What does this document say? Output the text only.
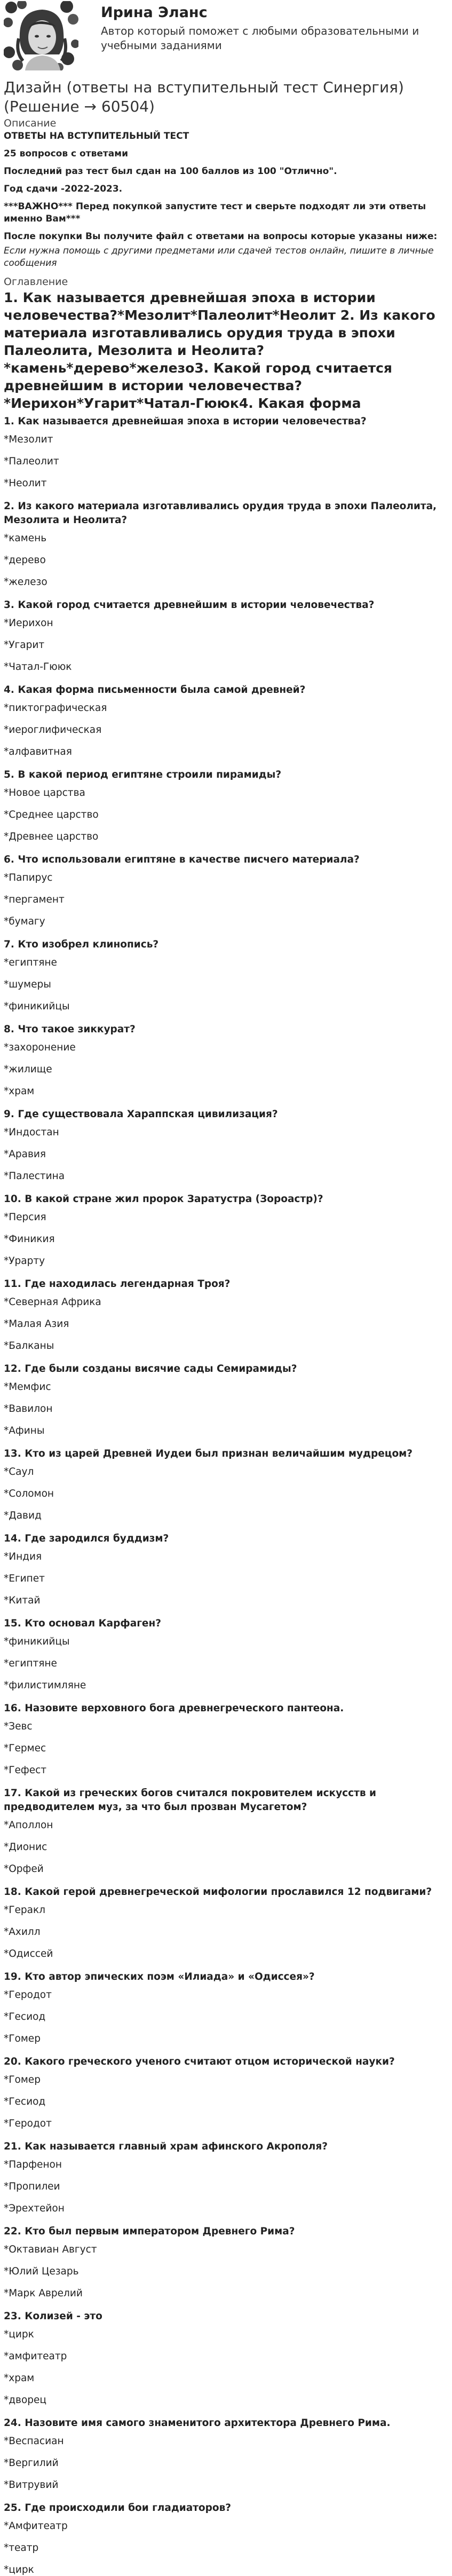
Ирина Эланс
Автор который поможет с любыми образовательными и учебными заданиями
Дизайн (ответы на вступительный тест Синергия) (Решение → 60504)
Описание

ОТВЕТЫ НА ВСТУПИТЕЛЬНЫЙ ТЕСТ

25 вопросов с ответами

Последний раз тест был сдан на 100 баллов из 100 "Отлично".

Год сдачи -2022-2023.

***ВАЖНО*** Перед покупкой запустите тест и сверьте подходят ли эти ответы именно Вам***

После покупки Вы получите файл с ответами на вопросы которые указаны ниже:

Если нужна помощь с другими предметами или сдачей тестов онлайн, пишите в личные сообщения

Оглавление
1. Как называется древнейшая эпоха в истории человечества?*Мезолит*Палеолит*Неолит 2. Из какого материала изготавливались орудия труда в эпохи Палеолита, Мезолита и Неолита?*камень*дерево*железо3. Какой город считается древнейшим в истории человечества?*Иерихон*Угарит*Чатал-Гююк4. Какая форма
1. Как называется древнейшая эпоха в истории человечества?
*Мезолит
*Палеолит
*Неолит
2. Из какого материала изготавливались орудия труда в эпохи Палеолита, Мезолита и Неолита?
*камень
*дерево
*железо
3. Какой город считается древнейшим в истории человечества?
*Иерихон
*Угарит
*Чатал-Гююк
4. Какая форма письменности была самой древней?
*пиктографическая
*иероглифическая
*алфавитная
5. В какой период египтяне строили пирамиды?
*Новое царства
*Среднее царство
*Древнее царство
6. Что использовали египтяне в качестве писчего материала?
*Папирус
*пергамент
*бумагу
7. Кто изобрел клинопись?
*египтяне
*шумеры
*финикийцы
8. Что такое зиккурат?
*захоронение
*жилище
*храм
9. Где существовала Хараппская цивилизация?
*Индостан
*Аравия
*Палестина
10. В какой стране жил пророк Заратустра (Зороастр)?
*Персия
*Финикия
*Урарту
11. Где находилась легендарная Троя?
*Северная Африка
*Малая Азия
*Балканы
12. Где были созданы висячие сады Семирамиды?
*Мемфис
*Вавилон
*Афины
13. Кто из царей Древней Иудеи был признан величайшим мудрецом?
*Саул
*Соломон
*Давид
14. Где зародился буддизм?
*Индия
*Египет
*Китай
15. Кто основал Карфаген?
*финикийцы
*египтяне
*филистимляне
16. Назовите верховного бога древнегреческого пантеона.
*Зевс
*Гермес
*Гефест
17. Какой из греческих богов считался покровителем искусств и предводителем муз, за что был прозван Мусагетом?
*Аполлон
*Дионис
*Орфей
18. Какой герой древнегреческой мифологии прославился 12 подвигами?
*Геракл
*Ахилл
*Одиссей
19. Кто автор эпических поэм «Илиада» и «Одиссея»?
*Геродот
*Гесиод
*Гомер
20. Какого греческого ученого считают отцом исторической науки?
*Гомер
*Гесиод
*Геродот
21. Как называется главный храм афинского Акрополя?
*Парфенон
*Пропилеи
*Эрехтейон
22. Кто был первым императором Древнего Рима?
*Октавиан Август
*Юлий Цезарь
*Марк Аврелий
23. Колизей - это
*цирк
*амфитеатр
*храм
*дворец
24. Назовите имя самого знаменитого архитектора Древнего Рима.
*Веспасиан
*Вергилий
*Витрувий
25. Где происходили бои гладиаторов?
*Амфитеатр
*театр
*цирк
